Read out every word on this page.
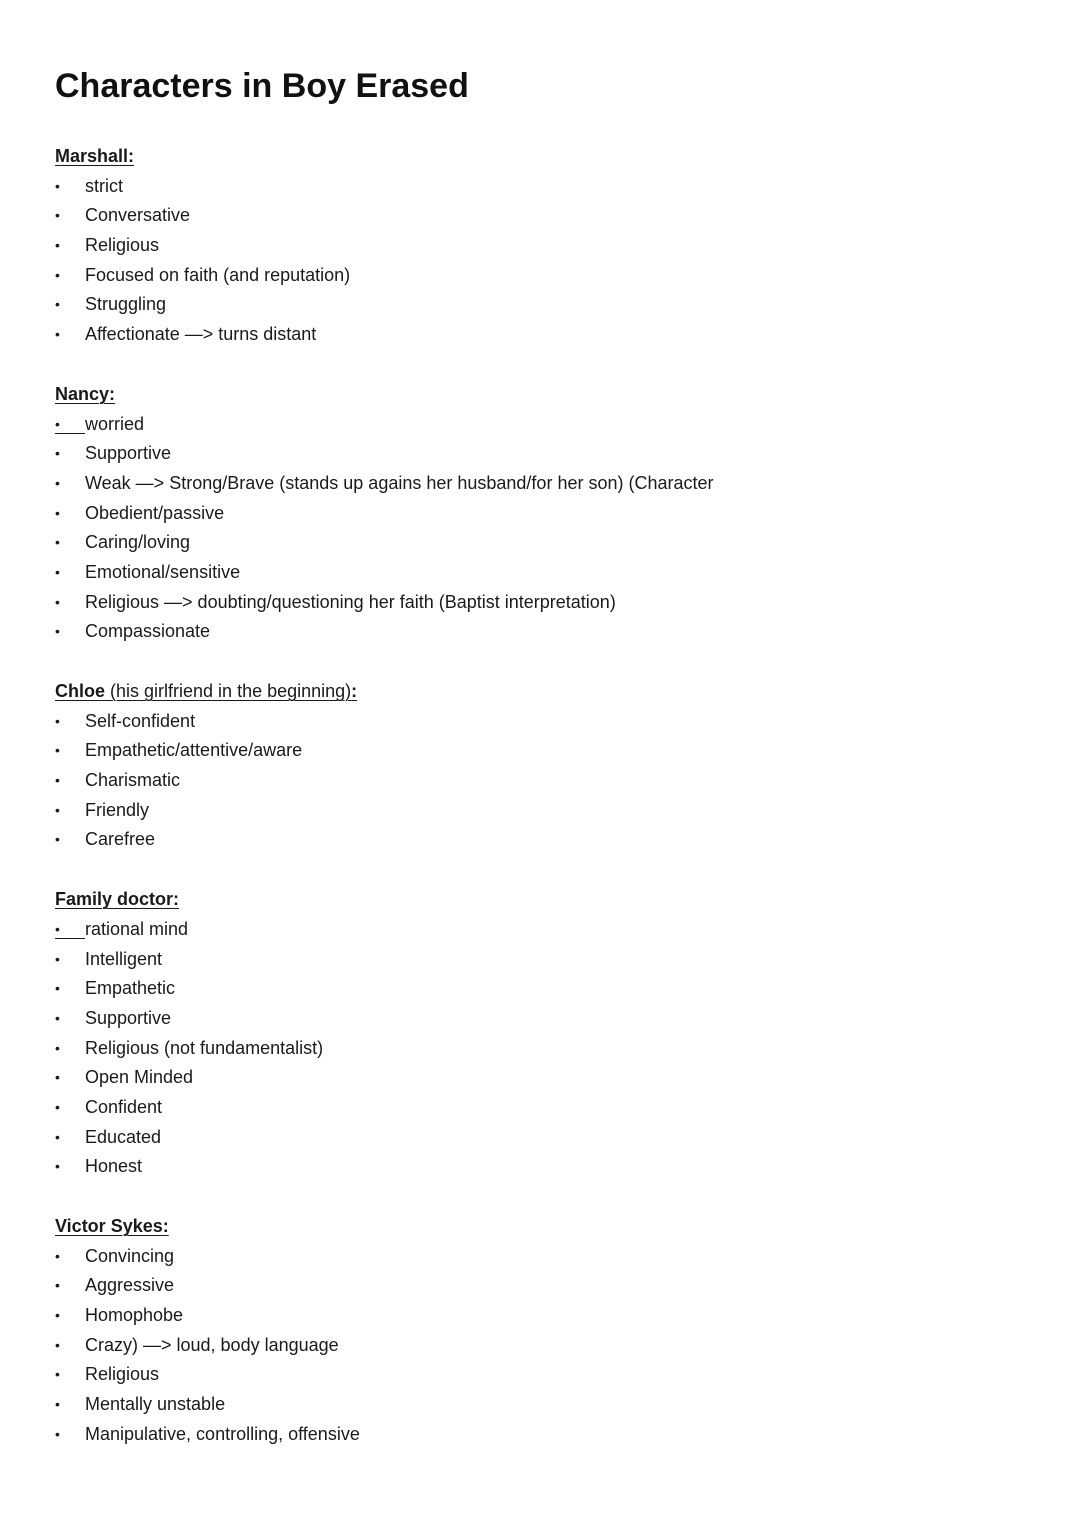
Characters in Boy Erased
Marshall:
• strict
• Conversative
• Religious
• Focused on faith (and reputation)
• Struggling
• Affectionate —> turns distant
Nancy:
• worried
• Supportive
• Weak —> Strong/Brave (stands up agains her husband/for her son) (Character
• Obedient/passive
• Caring/loving
• Emotional/sensitive
• Religious —> doubting/questioning her faith (Baptist interpretation)
• Compassionate
Chloe (his girlfriend in the beginning):
• Self-confident
• Empathetic/attentive/aware
• Charismatic
• Friendly
• Carefree
Family doctor:
• rational mind
• Intelligent
• Empathetic
• Supportive
• Religious (not fundamentalist)
• Open Minded
• Confident
• Educated
• Honest
Victor Sykes:
• Convincing
• Aggressive
• Homophobe
• Crazy) —> loud, body language
• Religious
• Mentally unstable
• Manipulative, controlling, offensive
